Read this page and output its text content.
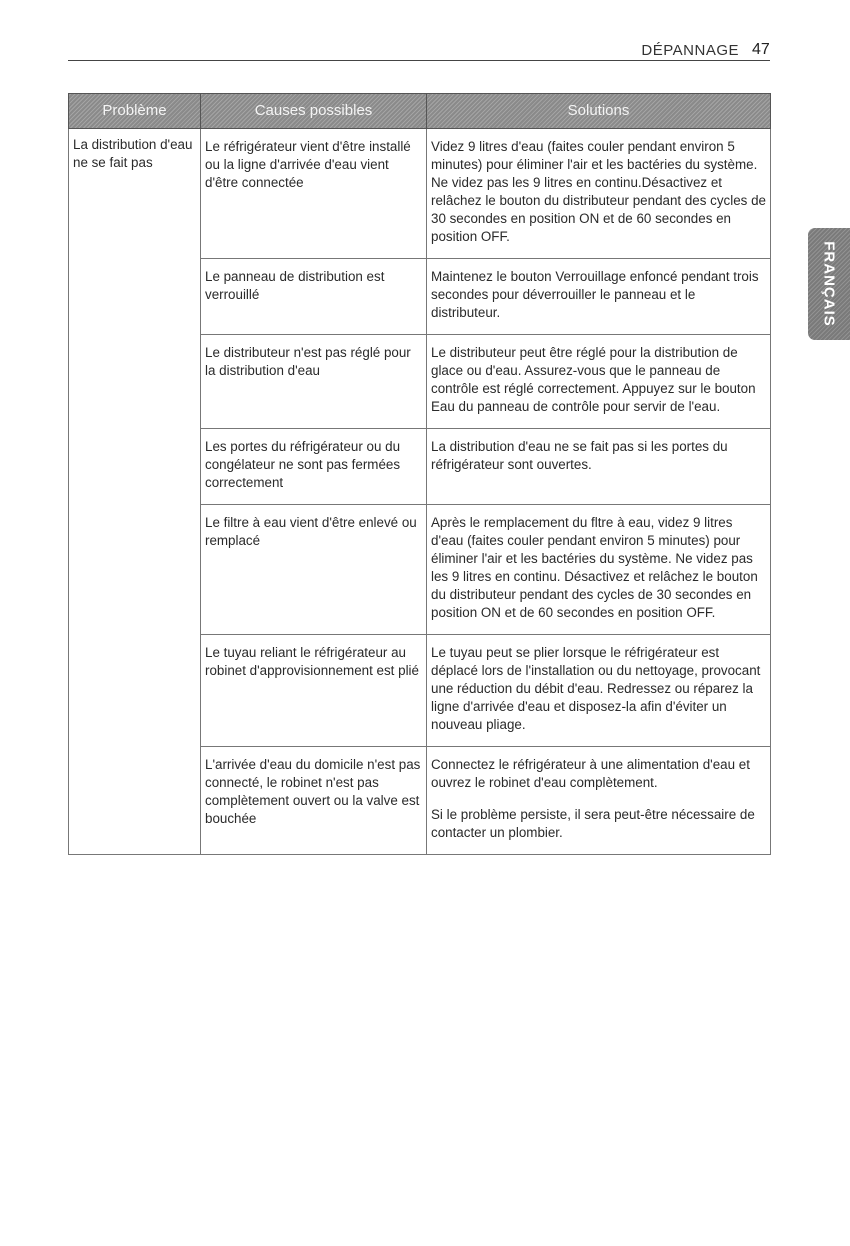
DÉPANNAGE 47
FRANÇAIS
Problème	Causes possibles	Solutions
La distribution d'eau ne se fait pas	Le réfrigérateur vient d'être installé ou la ligne d'arrivée d'eau vient d'être connectée	Videz 9 litres d'eau (faites couler pendant environ 5 minutes) pour éliminer l'air et les bactéries du système. Ne videz pas les 9 litres en continu.Désactivez et relâchez le bouton du distributeur pendant des cycles de 30 secondes en position ON et de 60 secondes en position OFF.
	Le panneau de distribution est verrouillé	Maintenez le bouton Verrouillage enfoncé pendant trois secondes pour déverrouiller le panneau et le distributeur.
	Le distributeur n'est pas réglé pour la distribution d'eau	Le distributeur peut être réglé pour la distribution de glace ou d'eau. Assurez-vous que le panneau de contrôle est réglé correctement. Appuyez sur le bouton Eau du panneau de contrôle pour servir de l'eau.
	Les portes du réfrigérateur ou du congélateur ne sont pas fermées correctement	La distribution d'eau ne se fait pas si les portes du réfrigérateur sont ouvertes.
	Le filtre à eau vient d'être enlevé ou remplacé	Après le remplacement du fltre à eau, videz 9 litres d'eau (faites couler pendant environ 5 minutes) pour éliminer l'air et les bactéries du système. Ne videz pas les 9 litres en continu. Désactivez et relâchez le bouton du distributeur pendant des cycles de 30 secondes en position ON et de 60 secondes en position OFF.
	Le tuyau reliant le réfrigérateur au robinet d'approvisionnement est plié	Le tuyau peut se plier lorsque le réfrigérateur est déplacé lors de l'installation ou du nettoyage, provocant une réduction du débit d'eau. Redressez ou réparez la ligne d'arrivée d'eau et disposez-la afin d'éviter un nouveau pliage.
	L'arrivée d'eau du domicile n'est pas connecté, le robinet n'est pas complètement ouvert ou la valve est bouchée	Connectez le réfrigérateur à une alimentation d'eau et ouvrez le robinet d'eau complètement.
Si le problème persiste, il sera peut-être nécessaire de contacter un plombier.
